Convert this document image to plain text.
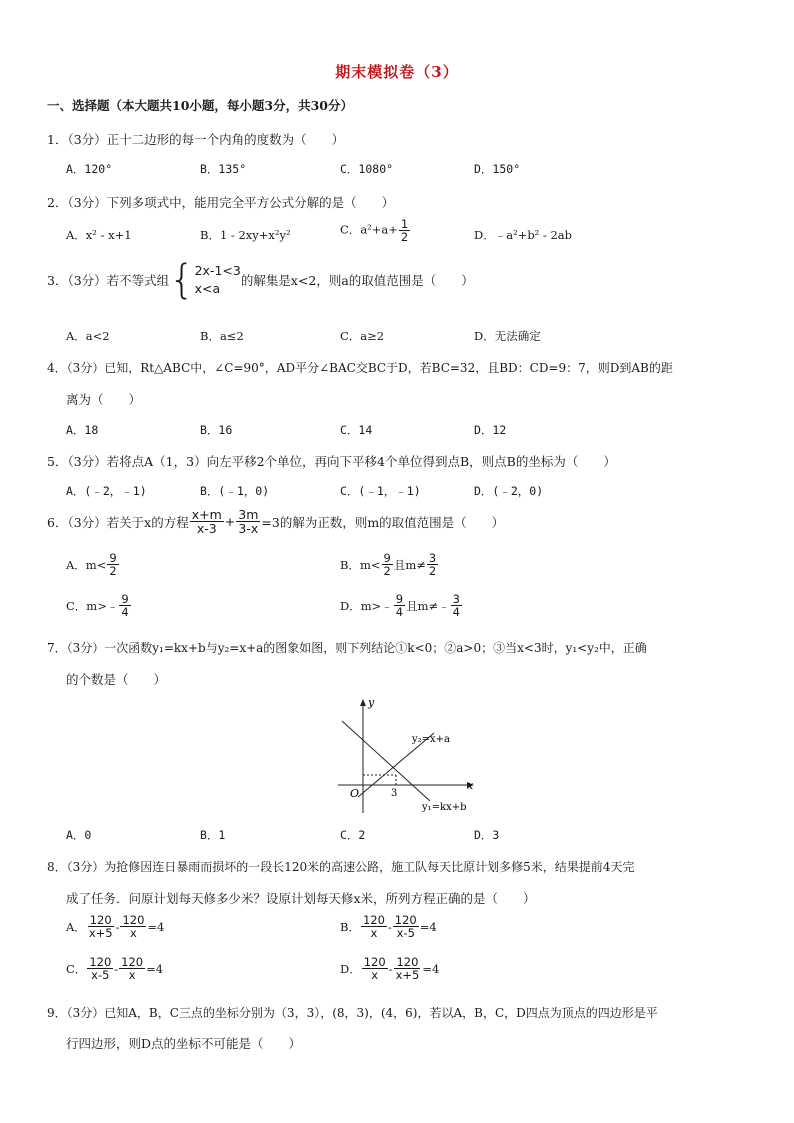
期末模拟卷（3）
一、选择题（本大题共10小题，每小题3分，共30分）
1．（3分）正十二边形的每一个内角的度数为（　　）
A．120°	B．135°	C．1080°	D．150°
2．（3分）下列多项式中，能用完全平方公式分解的是（　　）
A．x² - x+1	B．1 - 2xy+x²y²	C．$a^2+a+ \frac{1}{2}$	D．﹣a²+b² - 2ab
3．（3分）若不等式组 { 2x-1<3
x<a
的解集是x<2，则a的取值范围是（　　）
A．a<2	B．a≤2	C．a≥2	D．无法确定
4．（3分）已知，Rt△ABC中，∠C=90°，AD平分∠BAC交BC于D，若BC=32，且BD：CD=9：7，则D到AB的距
离为（　　）
A．18	B．16	C．14	D．12
5．（3分）若将点A（1，3）向左平移2个单位，再向下平移4个单位得到点B，则点B的坐标为（　　）
A．(﹣2，﹣1)	B．(﹣1，0)	C．(﹣1，﹣1)	D．(﹣2，0)
6．（3分）若关于x的方程 $\frac{x+m}{x-3} + \frac{3m}{3-x} =3$的解为正数，则m的取值范围是（　　）
A．$m< \frac{9}{2}$	B．$m< \frac{9}{2}$ 且$m\ne \frac{3}{2}$
C．m>﹣ $\frac{9}{4}$	D．m>﹣ $\frac{9}{4}$ 且m≠﹣ $\frac{3}{4}$
7．（3分）一次函数y₁=kx+b与y₂=x+a的图象如图，则下列结论①k<0；②a>0；③当x<3时，y₁<y₂中，正确
的个数是（　　）
y
x
O	3
y₂=x+a
y₁=kx+b
A．0	B．1	C．2	D．3
8．（3分）为抢修因连日暴雨而损坏的一段长120米的高速公路，施工队每天比原计划多修5米，结果提前4天完
成了任务．问原计划每天修多少米？设原计划每天修x米，所列方程正确的是（　　）
A． $\frac{120}{x+5} - \frac{120}{x} =4$	B． $\frac{120}{x} - \frac{120}{x-5} =4$
C． $\frac{120}{x-5} - \frac{120}{x} =4$	D． $\frac{120}{x} - \frac{120}{x+5} =4$
9．（3分）已知A，B，C三点的坐标分别为（3，3），(8，3)，(4，6)，若以A，B，C，D四点为顶点的四边形是平
行四边形，则D点的坐标不可能是（　　）
